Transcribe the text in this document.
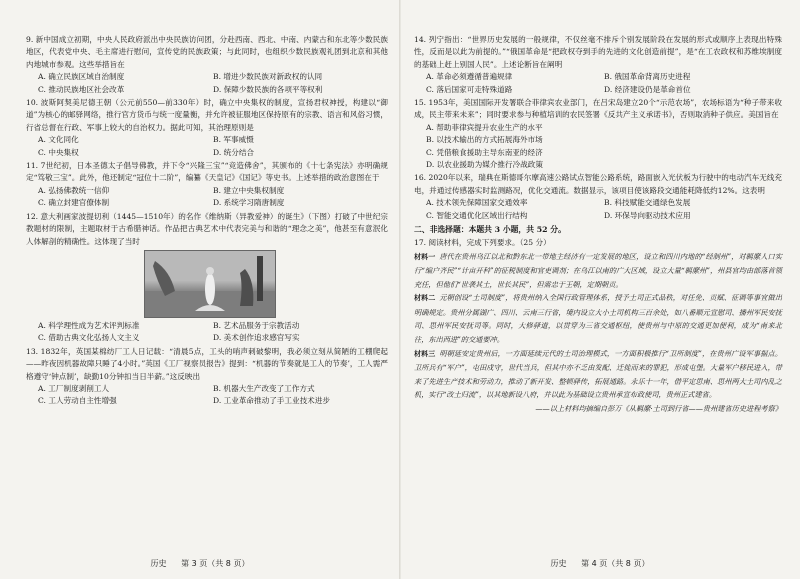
9. 新中国成立初期，中央人民政府派出中央民族访问团，分赴西南、西北、中南、内蒙古和东北等少数民族地区，代表党中央、毛主席进行慰问，宣传党的民族政策；与此同时，也组织少数民族观礼团到北京和其他内地城市参观。这些举措旨在

A. 确立民族区域自治制度	B. 增进少数民族对新政权的认同
C. 推动民族地区社会改革	D. 保障少数民族的各项平等权利

10. 波斯阿契美尼德王朝（公元前550—前330年）时，确立中央集权的制度，宣扬君权神授，构建以“御道”为核心的邮驿网络，推行官方货币与统一度量衡，并允许被征服地区保持原有的宗教、语言和风俗习惯，行省总督在行政、军事上较大的自治权力。据此可知，其治理原则是

A. 文化同化	B. 军事威慑
C. 中央集权	D. 统分结合

11. 7世纪初，日本圣德太子倡导佛教，并下令“兴隆三宝”“竞造佛舍”，其颁布的《十七条宪法》亦明确规定“笃敬三宝”。此外，他还制定“冠位十二阶”，编纂《天皇记》《国记》等史书。上述举措的政治意图在于

A. 弘扬佛教统一信仰	B. 建立中央集权制度
C. 确立封建官僚体制	D. 系统学习隋唐制度

12. 意大利画家波提切利（1445—1510年）的名作《维纳斯（异教爱神）的诞生》（下图）打破了中世纪宗教题材的限制，主题取材于古希腊神话。作品把古典艺术中代表完美与和谐的“理念之美”，他甚至有意泯化人体解剖的精确性。这体现了当时

A. 科学理性成为艺术评判标准	B. 艺术品服务于宗教活动
C. 借助古典文化弘扬人文主义	D. 美术创作追求感官写实

13. 1832年，英国某棉纺厂工人日记载：“清晨5点，工头的哨声刺破黎明，我必须立刻从简陋的工棚爬起——昨夜因机器故障只睡了4小时。”英国《工厂视察员报告》提到：“机器的节奏就是工人的节奏’，工人需严格遵守‘钟点制’，缺勤10分钟扣当日半薪。”这反映出

A. 工厂制度剥削工人	B. 机器大生产改变了工作方式
C. 工人劳动自主性增强	D. 工业革命推动了手工业技术进步
历史 第 3 页（共 8 页）

14. 列宁指出：“世界历史发展的一般规律，不仅丝毫不排斥个别发展阶段在发展的形式或顺序上表现出特殊性，反而是以此为前提的。”“俄国革命是“把政权夺到手的先进的文化创造前提”，是“在工农政权和苏维埃制度的基础上赶上别国人民”。上述论断旨在阐明

A. 革命必须遵循普遍规律	B. 俄国革命背离历史进程
C. 落后国家可走特殊道路	D. 经济建设仍是革命首位

15. 1953年，美国国际开发署联合菲律宾农业部门，在吕宋岛建立20个“示范农场”，农场标语为“种子带来收成，民主带来未来”；同时要求参与种植培训的农民签署《反共产主义承诺书》，否则取消种子供应。美国旨在

A. 帮助菲律宾提升农业生产的水平
B. 以技术输出的方式拓展海外市场
C. 凭借粮食援助主导东南亚的经济
D. 以农业援助为媒介推行冷战政策

16. 2020年以来，瑞典在斯德哥尔摩高速公路试点智能公路系统，路面嵌入光伏板为行驶中的电动汽车无线充电，并通过传感器实时监测路况，优化交通流。数据显示，该项目使该路段交通能耗降低约12%。这表明

A. 技术领先保障国家交通效率	B. 科技赋能交通绿色发展
C. 智能交通优化区域出行结构	D. 环保导向驱动技术应用
二、非选择题：本题共 3 小题，共 52 分。
17. 阅读材料，完成下列要求。（25 分）

材料一 唐代在贵州乌江以北和黔东北一带地主经济有一定发展的地区，设立和四川内地的“经制州”，对羁縻人口实行“编户齐民”“计亩开科”的征税制度和官吏调剂；在乌江以南的广大区域，设立大量“羁縻州”，州县官均由部落首领充任，但他们“世袭其土，世长其民”，但需忠于王朝，定期朝贡。

材料二 元朝创设“土司制度”，将贵州纳入全国行政管理体系，授予土司正式品秩，对任免、贡赋、征调等事宜做出明确规定。贵州分属湖广、四川、云南三行省，境内设立大小土司机构三百余处，如八番顺元宣慰司、播州军民安抚司、思州军民安抚司等。同时，大修驿道，以贯穿为三省交通枢纽，使贵州与中原的交通更加便利，成为“南来北往，东出西进”的交通要冲。

材料三 明朝延安定贵州后，一方面延续元代的土司治理模式，一方面积极推行“卫所制度”，在贵州广设军事据点。卫所兵有“军户”，屯田戍守，世代当兵，但其中亦不乏由发配、迁徙而来的罪犯，形成屯堡。大量军户移民进入，带来了先进生产技术和劳动力，推动了新开发、整顿驿传，拓展通路。永乐十一年，借平定思南、思州两大土司内乱之机，实行“改土归流”，以其地新设八府，并以此为基础设立贵州承宣布政使司，贵州正式建省。

——以上材料均摘编自彭万《从羁縻·土司到行省——贵州建省历史进程考察》
历史 第 4 页（共 8 页）
